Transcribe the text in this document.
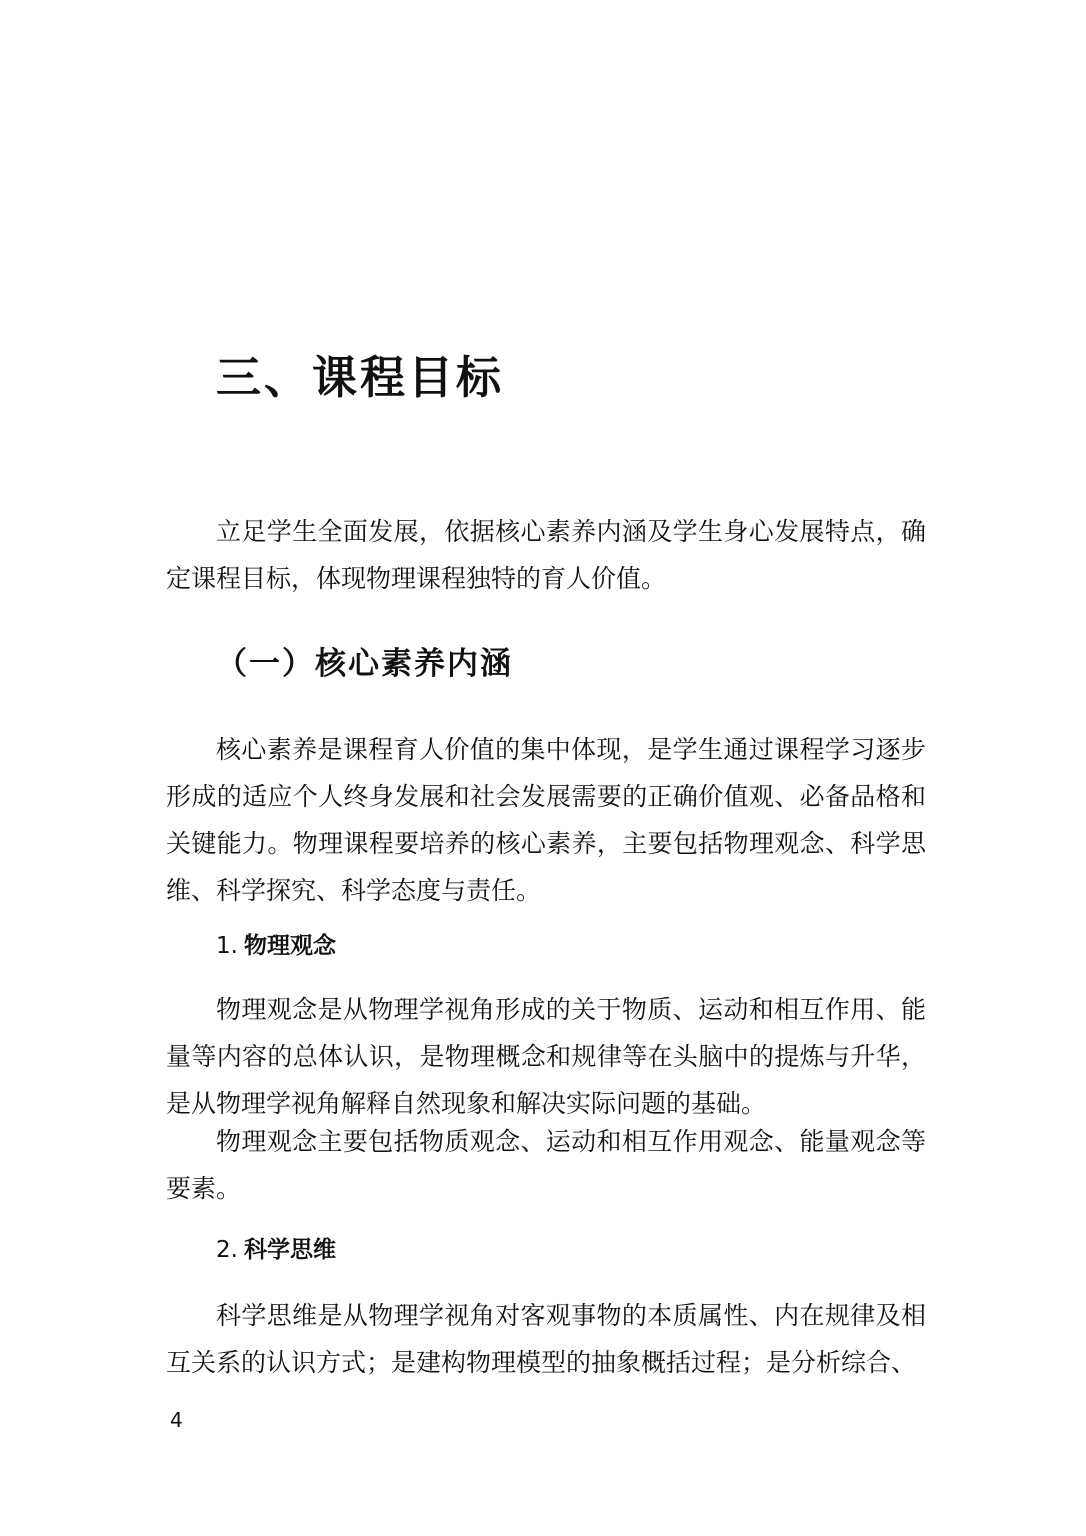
三、课程目标

立足学生全面发展，依据核心素养内涵及学生身心发展特点，确定课程目标，体现物理课程独特的育人价值。

（一）核心素养内涵

核心素养是课程育人价值的集中体现，是学生通过课程学习逐步形成的适应个人终身发展和社会发展需要的正确价值观、必备品格和关键能力。物理课程要培养的核心素养，主要包括物理观念、科学思维、科学探究、科学态度与责任。

1. 物理观念

物理观念是从物理学视角形成的关于物质、运动和相互作用、能量等内容的总体认识，是物理概念和规律等在头脑中的提炼与升华，是从物理学视角解释自然现象和解决实际问题的基础。

物理观念主要包括物质观念、运动和相互作用观念、能量观念等要素。

2. 科学思维

科学思维是从物理学视角对客观事物的本质属性、内在规律及相互关系的认识方式；是建构物理模型的抽象概括过程；是分析综合、

4
